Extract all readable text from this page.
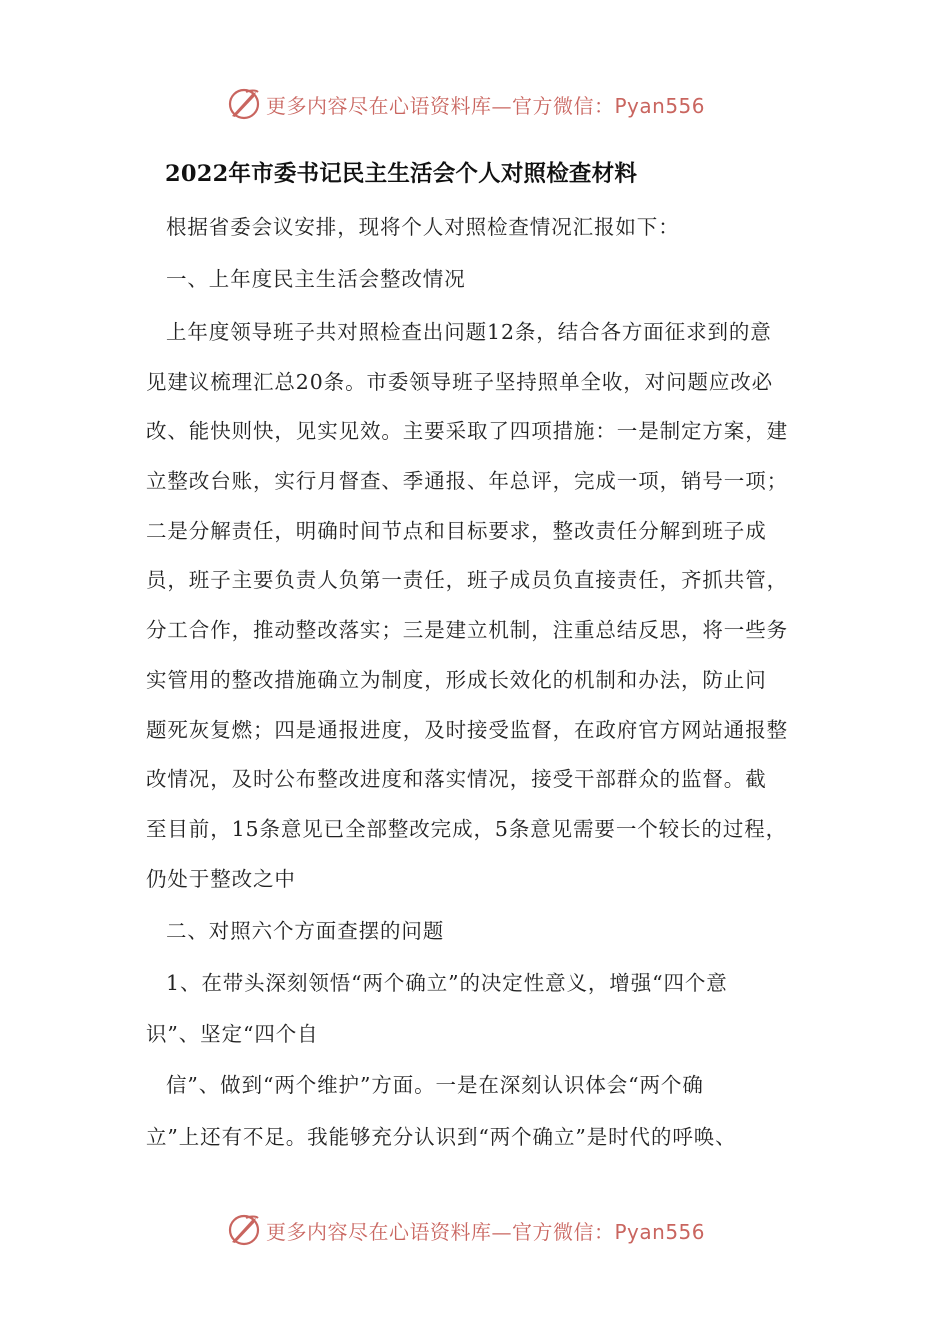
更多内容尽在心语资料库—官方微信：Pyan556
2022年市委书记民主生活会个人对照检查材料
根据省委会议安排，现将个人对照检查情况汇报如下：
一、上年度民主生活会整改情况
上年度领导班子共对照检查出问题12条，结合各方面征求到的意
见建议梳理汇总20条。市委领导班子坚持照单全收，对问题应改必
改、能快则快，见实见效。主要采取了四项措施：一是制定方案，建
立整改台账，实行月督查、季通报、年总评，完成一项，销号一项；
二是分解责任，明确时间节点和目标要求，整改责任分解到班子成
员，班子主要负责人负第一责任，班子成员负直接责任，齐抓共管，
分工合作，推动整改落实；三是建立机制，注重总结反思，将一些务
实管用的整改措施确立为制度，形成长效化的机制和办法，防止问
题死灰复燃；四是通报进度，及时接受监督，在政府官方网站通报整
改情况，及时公布整改进度和落实情况，接受干部群众的监督。截
至目前，15条意见已全部整改完成，5条意见需要一个较长的过程，
仍处于整改之中
二、对照六个方面查摆的问题
1、在带头深刻领悟“两个确立”的决定性意义，增强“四个意
识”、坚定“四个自
信”、做到“两个维护”方面。一是在深刻认识体会“两个确
立”上还有不足。我能够充分认识到“两个确立”是时代的呼唤、
更多内容尽在心语资料库—官方微信：Pyan556
